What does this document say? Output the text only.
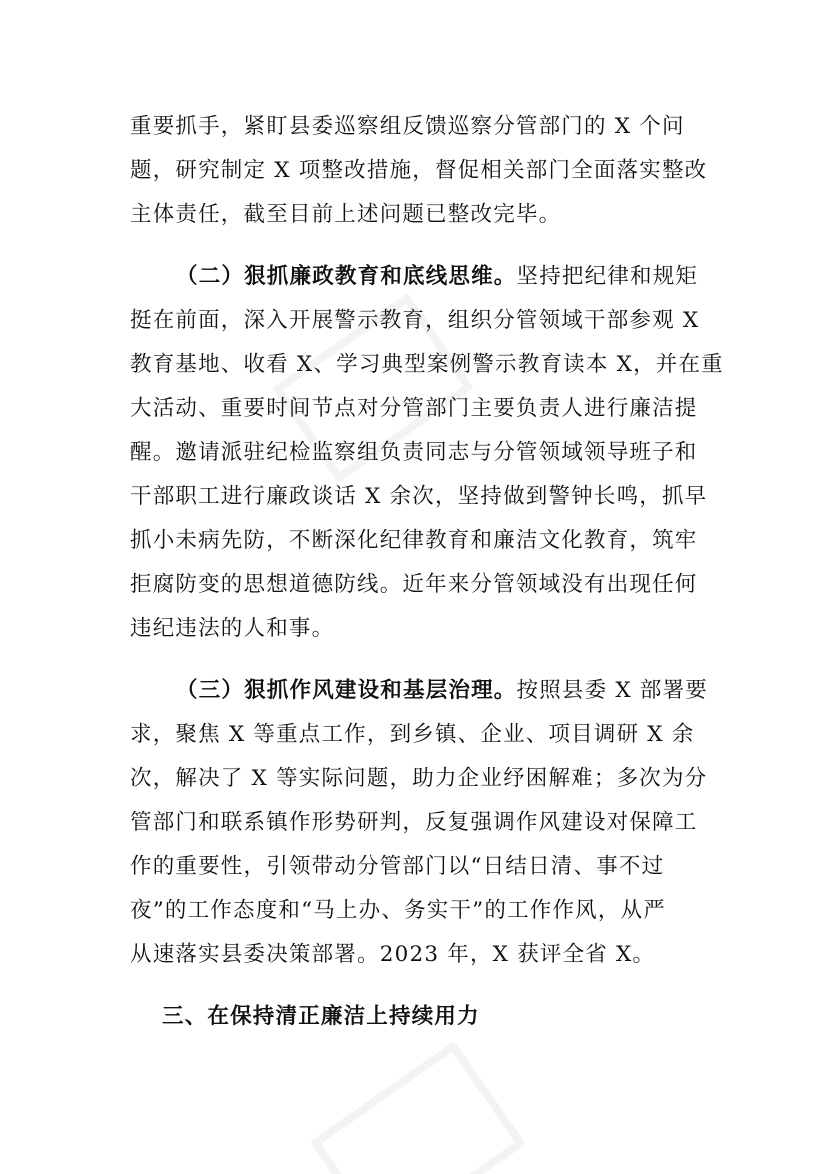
重要抓手，紧盯县委巡察组反馈巡察分管部门的 X 个问
题，研究制定 X 项整改措施，督促相关部门全面落实整改
主体责任，截至目前上述问题已整改完毕。
（二）狠抓廉政教育和底线思维。坚持把纪律和规矩
挺在前面，深入开展警示教育，组织分管领域干部参观 X
教育基地、收看 X、学习典型案例警示教育读本 X，并在重
大活动、重要时间节点对分管部门主要负责人进行廉洁提
醒。邀请派驻纪检监察组负责同志与分管领域领导班子和
干部职工进行廉政谈话 X 余次，坚持做到警钟长鸣，抓早
抓小未病先防，不断深化纪律教育和廉洁文化教育，筑牢
拒腐防变的思想道德防线。近年来分管领域没有出现任何
违纪违法的人和事。
（三）狠抓作风建设和基层治理。按照县委 X 部署要
求，聚焦 X 等重点工作，到乡镇、企业、项目调研 X 余
次，解决了 X 等实际问题，助力企业纾困解难；多次为分
管部门和联系镇作形势研判，反复强调作风建设对保障工
作的重要性，引领带动分管部门以“日结日清、事不过
夜”的工作态度和“马上办、务实干”的工作作风，从严
从速落实县委决策部署。2023 年，X 获评全省 X。
三、在保持清正廉洁上持续用力
